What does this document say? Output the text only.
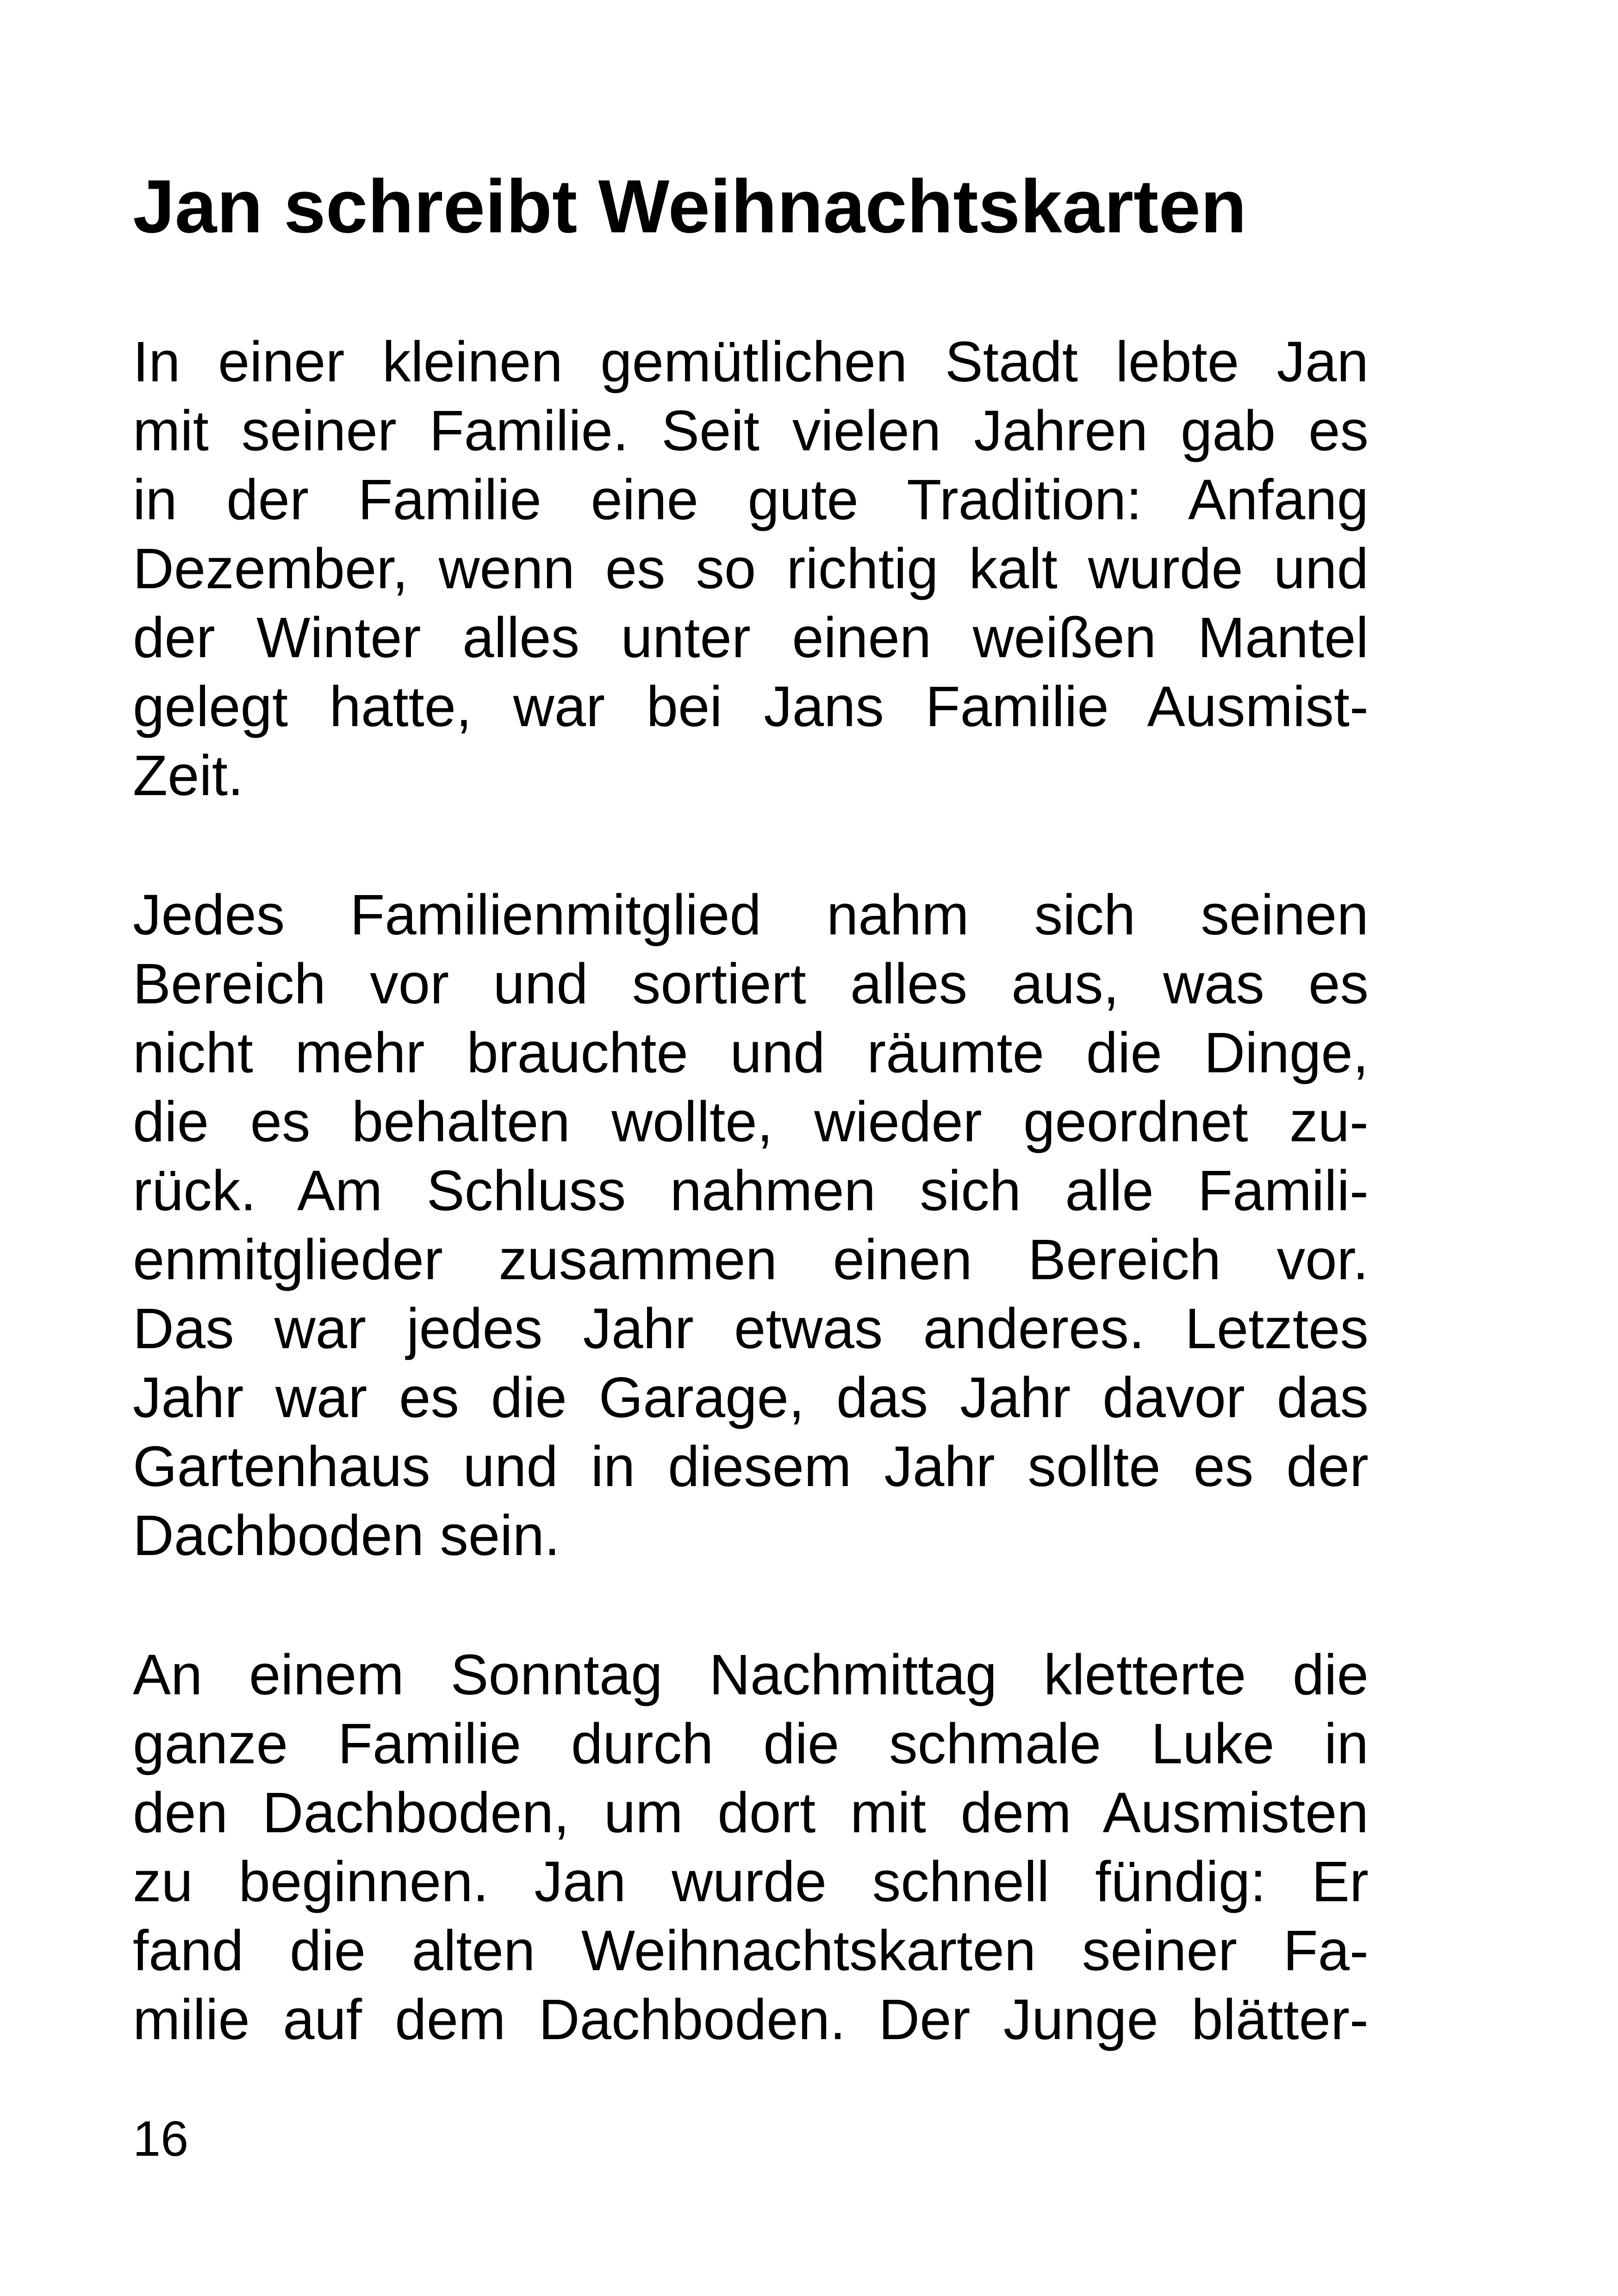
Jan schreibt Weihnachtskarten

In einer kleinen gemütlichen Stadt lebte Jan
mit seiner Familie. Seit vielen Jahren gab es
in der Familie eine gute Tradition: Anfang
Dezember, wenn es so richtig kalt wurde und
der Winter alles unter einen weißen Mantel
gelegt hatte, war bei Jans Familie Ausmist-
Zeit.

Jedes Familienmitglied nahm sich seinen
Bereich vor und sortiert alles aus, was es
nicht mehr brauchte und räumte die Dinge,
die es behalten wollte, wieder geordnet zu-
rück. Am Schluss nahmen sich alle Famili-
enmitglieder zusammen einen Bereich vor.
Das war jedes Jahr etwas anderes. Letztes
Jahr war es die Garage, das Jahr davor das
Gartenhaus und in diesem Jahr sollte es der
Dachboden sein.

An einem Sonntag Nachmittag kletterte die
ganze Familie durch die schmale Luke in
den Dachboden, um dort mit dem Ausmisten
zu beginnen. Jan wurde schnell fündig: Er
fand die alten Weihnachtskarten seiner Fa-
milie auf dem Dachboden. Der Junge blätter-

16
